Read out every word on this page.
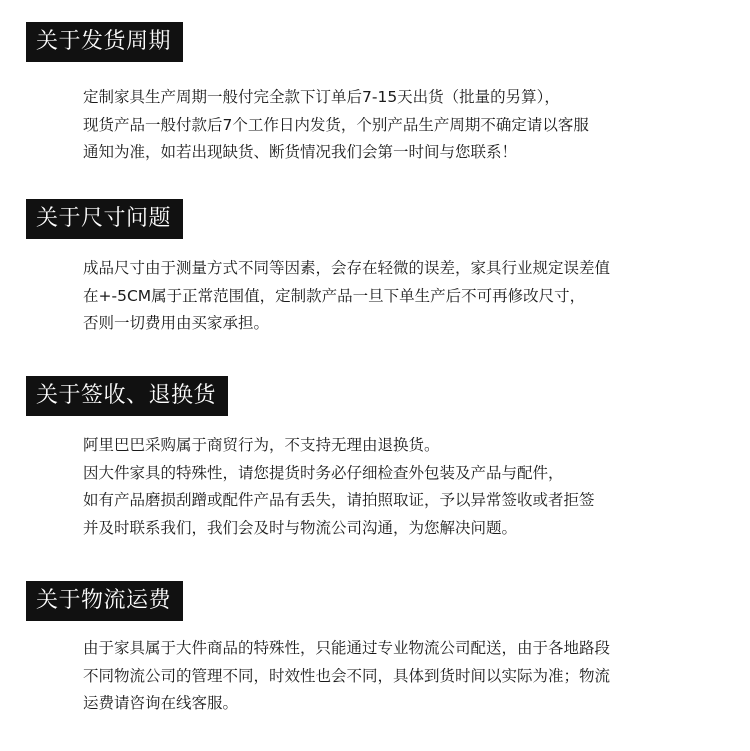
关于发货周期
定制家具生产周期一般付完全款下订单后7-15天出货（批量的另算），
现货产品一般付款后7个工作日内发货，个别产品生产周期不确定请以客服
通知为准，如若出现缺货、断货情况我们会第一时间与您联系！
关于尺寸问题
成品尺寸由于测量方式不同等因素，会存在轻微的误差，家具行业规定误差值
在+-5CM属于正常范围值，定制款产品一旦下单生产后不可再修改尺寸，
否则一切费用由买家承担。
关于签收、退换货
阿里巴巴采购属于商贸行为，不支持无理由退换货。
因大件家具的特殊性，请您提货时务必仔细检查外包装及产品与配件，
如有产品磨损刮蹭或配件产品有丢失，请拍照取证，予以异常签收或者拒签
并及时联系我们，我们会及时与物流公司沟通，为您解决问题。
关于物流运费
由于家具属于大件商品的特殊性，只能通过专业物流公司配送，由于各地路段
不同物流公司的管理不同，时效性也会不同，具体到货时间以实际为准；物流
运费请咨询在线客服。
